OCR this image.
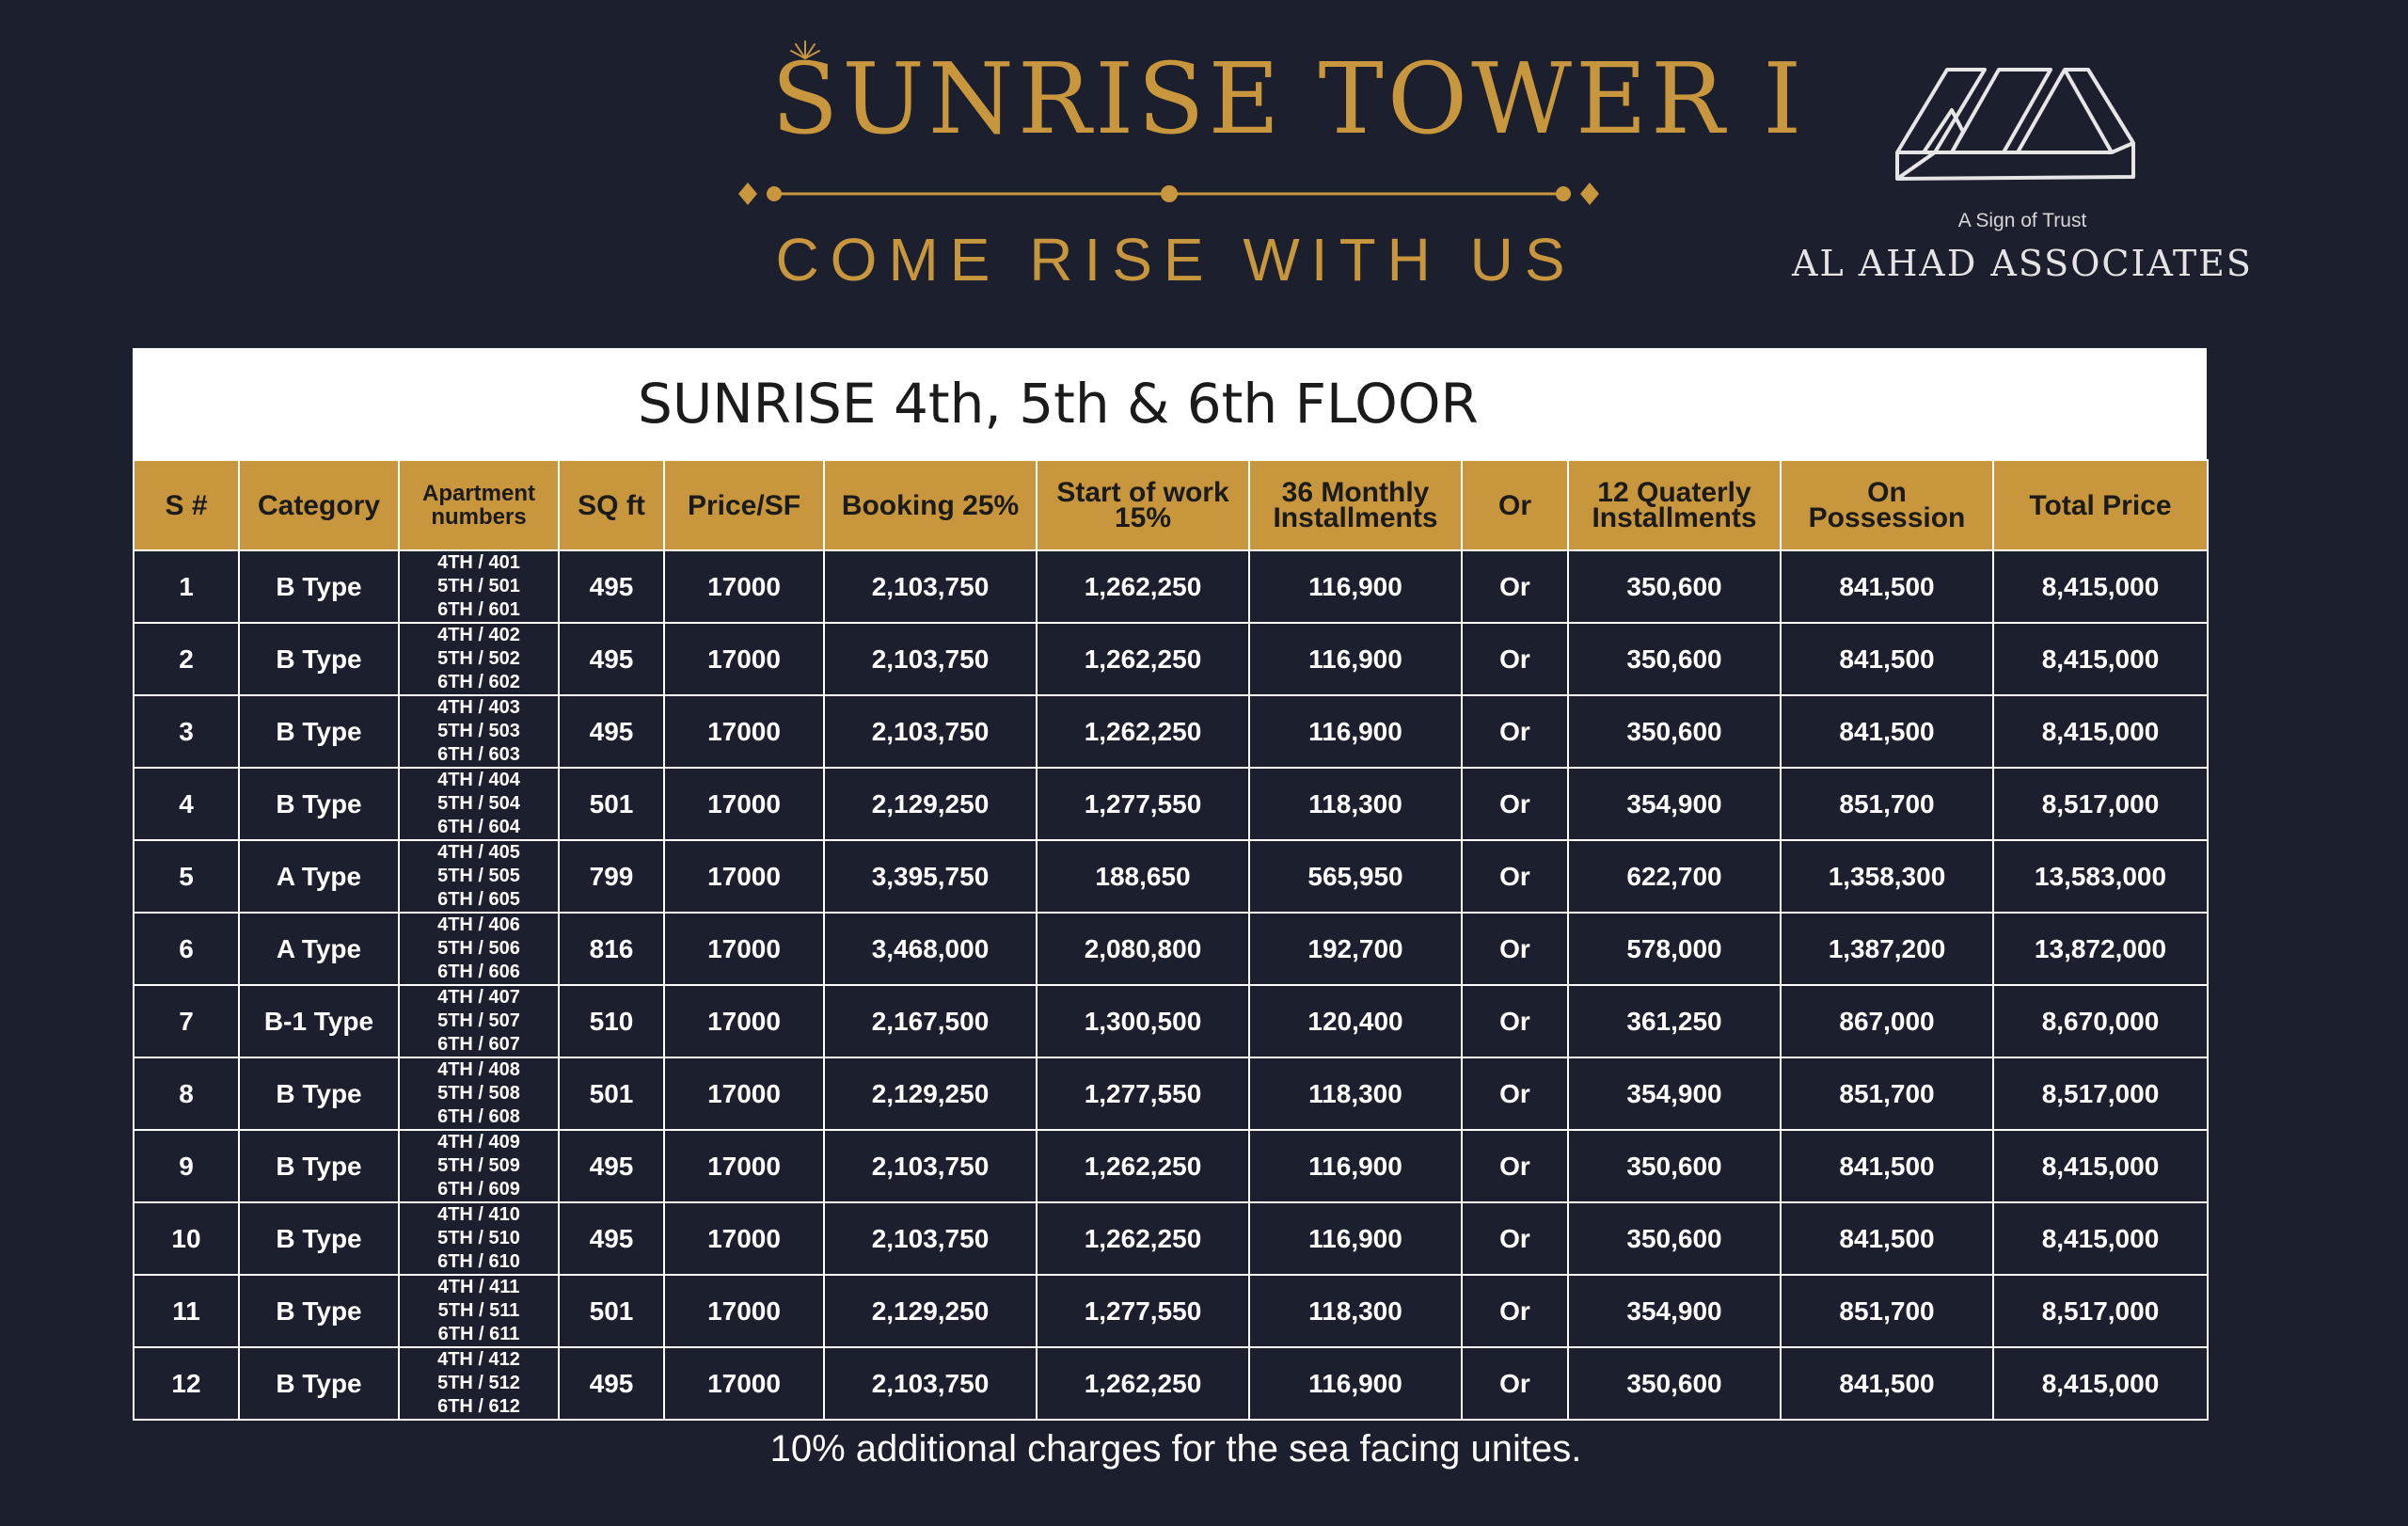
SUNRISE TOWER I
COME RISE WITH US
A Sign of Trust
AL AHAD ASSOCIATES
SUNRISE 4th, 5th & 6th FLOOR
S #	Category	Apartment numbers	SQ ft	Price/SF	Booking 25%	Start of work 15%	36 Monthly Installments	Or	12 Quaterly Installments	On Possession	Total Price
1	B Type	4TH / 401
5TH / 501
6TH / 601	495	17000	2,103,750	1,262,250	116,900	Or	350,600	841,500	8,415,000
2	B Type	4TH / 402
5TH / 502
6TH / 602	495	17000	2,103,750	1,262,250	116,900	Or	350,600	841,500	8,415,000
3	B Type	4TH / 403
5TH / 503
6TH / 603	495	17000	2,103,750	1,262,250	116,900	Or	350,600	841,500	8,415,000
4	B Type	4TH / 404
5TH / 504
6TH / 604	501	17000	2,129,250	1,277,550	118,300	Or	354,900	851,700	8,517,000
5	A Type	4TH / 405
5TH / 505
6TH / 605	799	17000	3,395,750	188,650	565,950	Or	622,700	1,358,300	13,583,000
6	A Type	4TH / 406
5TH / 506
6TH / 606	816	17000	3,468,000	2,080,800	192,700	Or	578,000	1,387,200	13,872,000
7	B-1 Type	4TH / 407
5TH / 507
6TH / 607	510	17000	2,167,500	1,300,500	120,400	Or	361,250	867,000	8,670,000
8	B Type	4TH / 408
5TH / 508
6TH / 608	501	17000	2,129,250	1,277,550	118,300	Or	354,900	851,700	8,517,000
9	B Type	4TH / 409
5TH / 509
6TH / 609	495	17000	2,103,750	1,262,250	116,900	Or	350,600	841,500	8,415,000
10	B Type	4TH / 410
5TH / 510
6TH / 610	495	17000	2,103,750	1,262,250	116,900	Or	350,600	841,500	8,415,000
11	B Type	4TH / 411
5TH / 511
6TH / 611	501	17000	2,129,250	1,277,550	118,300	Or	354,900	851,700	8,517,000
12	B Type	4TH / 412
5TH / 512
6TH / 612	495	17000	2,103,750	1,262,250	116,900	Or	350,600	841,500	8,415,000
10% additional charges for the sea facing unites.
